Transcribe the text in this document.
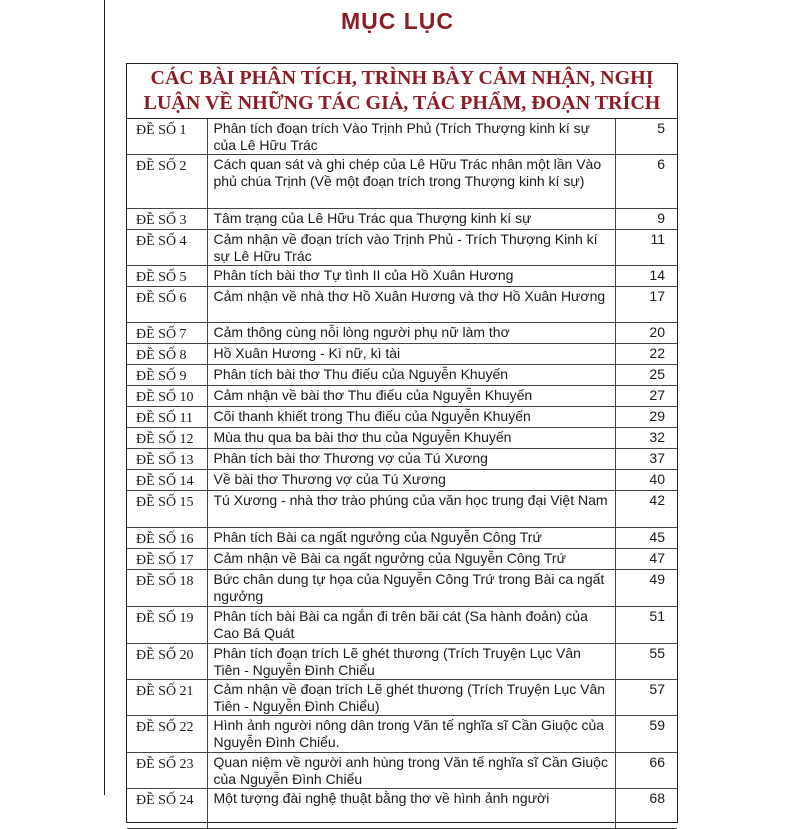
MỤC LỤC
CÁC BÀI PHÂN TÍCH, TRÌNH BÀY CẢM NHẬN, NGHỊ LUẬN VỀ NHỮNG TÁC GIẢ, TÁC PHẨM, ĐOẠN TRÍCH
ĐỀ SỐ 1	Phân tích đoạn trích Vào Trịnh Phủ (Trích Thượng kinh kí sự của Lê Hữu Trác	5
ĐỀ SỐ 2	Cách quan sát và ghi chép của Lê Hữu Trác nhân một lần Vào phủ chúa Trịnh (Về một đoạn trích trong Thượng kinh kí sự)	6
ĐỀ SỐ 3	Tâm trạng của Lê Hữu Trác qua Thượng kinh kí sự	9
ĐỀ SỐ 4	Cảm nhận về đoạn trích vào Trịnh Phủ - Trích Thượng Kinh kí sự Lê Hữu Trác	11
ĐỀ SỐ 5	Phân tích bài thơ Tự tình II của Hồ Xuân Hương	14
ĐỀ SỐ 6	Cảm nhận về nhà thơ Hồ Xuân Hương và thơ Hồ Xuân Hương	17
ĐỀ SỐ 7	Cảm thông cùng nỗi lòng người phụ nữ làm thơ	20
ĐỀ SỐ 8	Hồ Xuân Hương - Kì nữ, kì tài	22
ĐỀ SỐ 9	Phân tích bài thơ Thu điếu của Nguyễn Khuyến	25
ĐỀ SỐ 10	Cảm nhận về bài thơ Thu điếu của Nguyễn Khuyến	27
ĐỀ SỐ 11	Cõi thanh khiết trong Thu điếu của Nguyễn Khuyến	29
ĐỀ SỐ 12	Mùa thu qua ba bài thơ thu của Nguyễn Khuyến	32
ĐỀ SỐ 13	Phân tích bài thơ Thương vợ của Tú Xương	37
ĐỀ SỐ 14	Về bài thơ Thương vợ của Tú Xương	40
ĐỀ SỐ 15	Tú Xương - nhà thơ trào phúng của văn học trung đại Việt Nam	42
ĐỀ SỐ 16	Phân tích Bài ca ngất ngưởng của Nguyễn Công Trứ	45
ĐỀ SỐ 17	Cảm nhận về Bài ca ngất ngưởng của Nguyễn Công Trứ	47
ĐỀ SỐ 18	Bức chân dung tự họa của Nguyễn Công Trứ trong Bài ca ngất ngưởng	49
ĐỀ SỐ 19	Phân tích bài Bài ca ngắn đi trên bãi cát (Sa hành đoản) của Cao Bá Quát	51
ĐỀ SỐ 20	Phân tích đoạn trích Lẽ ghét thương (Trích Truyện Lục Vân Tiên - Nguyễn Đình Chiểu	55
ĐỀ SỐ 21	Cảm nhận về đoạn trích Lẽ ghét thương (Trích Truyện Lục Vân Tiên - Nguyễn Đình Chiểu)	57
ĐỀ SỐ 22	Hình ảnh người nông dân trong Văn tế nghĩa sĩ Cần Giuộc của Nguyễn Đình Chiểu.	59
ĐỀ SỐ 23	Quan niệm về người anh hùng trong Văn tế nghĩa sĩ Cần Giuộc của Nguyễn Đình Chiểu	66
ĐỀ SỐ 24	Một tượng đài nghệ thuật bằng thơ về hình ảnh người	68
